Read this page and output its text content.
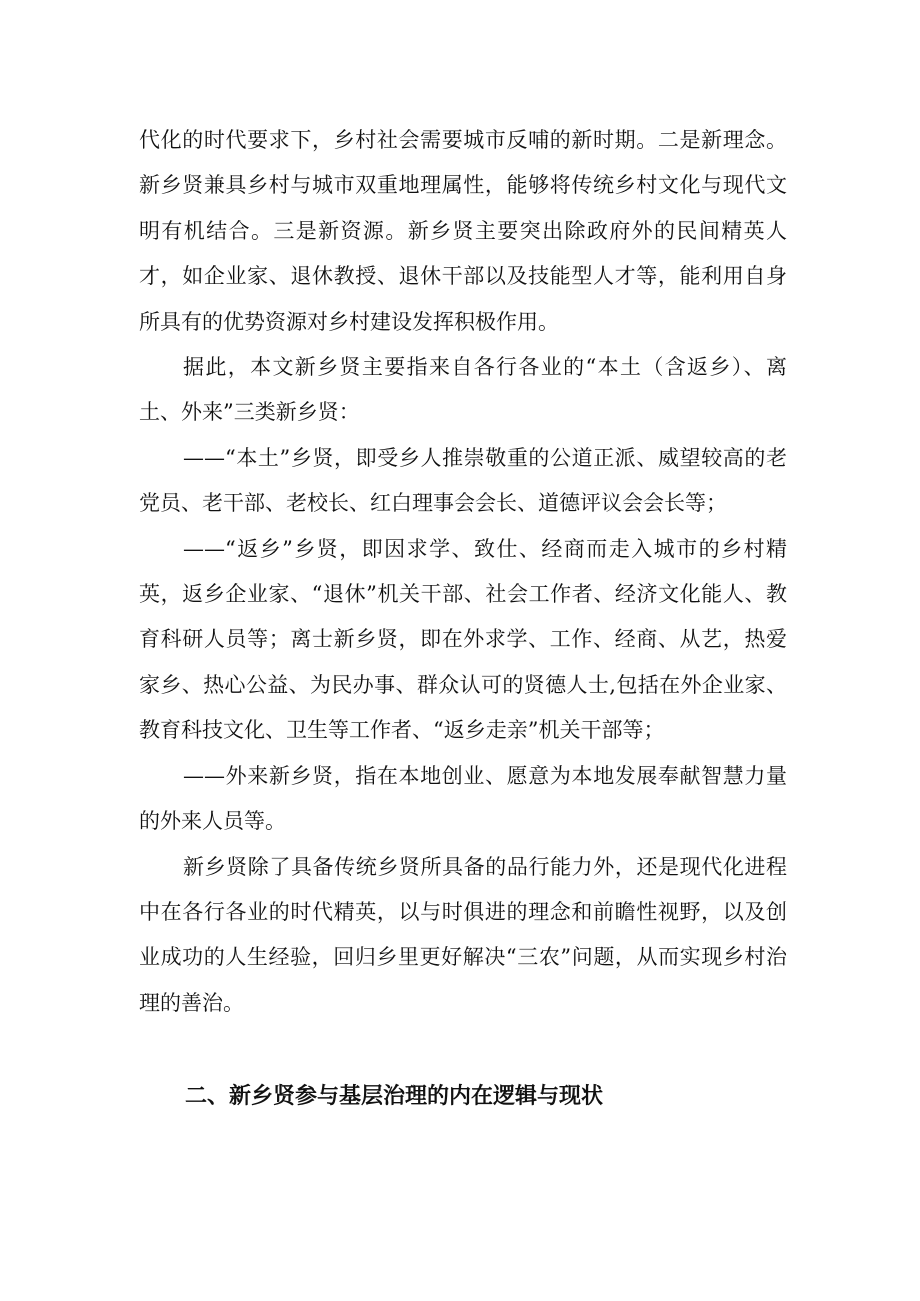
代化的时代要求下，乡村社会需要城市反哺的新时期。二是新理念。新乡贤兼具乡村与城市双重地理属性，能够将传统乡村文化与现代文明有机结合。三是新资源。新乡贤主要突出除政府外的民间精英人才，如企业家、退休教授、退休干部以及技能型人才等，能利用自身所具有的优势资源对乡村建设发挥积极作用。

据此，本文新乡贤主要指来自各行各业的“本土（含返乡）、离土、外来”三类新乡贤：

——“本土”乡贤，即受乡人推崇敬重的公道正派、威望较高的老党员、老干部、老校长、红白理事会会长、道德评议会会长等；

——“返乡”乡贤，即因求学、致仕、经商而走入城市的乡村精英，返乡企业家、“退休”机关干部、社会工作者、经济文化能人、教育科研人员等；离士新乡贤，即在外求学、工作、经商、从艺，热爱家乡、热心公益、为民办事、群众认可的贤德人士,包括在外企业家、教育科技文化、卫生等工作者、“返乡走亲”机关干部等；

——外来新乡贤，指在本地创业、愿意为本地发展奉献智慧力量的外来人员等。

新乡贤除了具备传统乡贤所具备的品行能力外，还是现代化进程中在各行各业的时代精英，以与时俱进的理念和前瞻性视野，以及创业成功的人生经验，回归乡里更好解决“三农”问题，从而实现乡村治理的善治。

二、新乡贤参与基层治理的内在逻辑与现状
